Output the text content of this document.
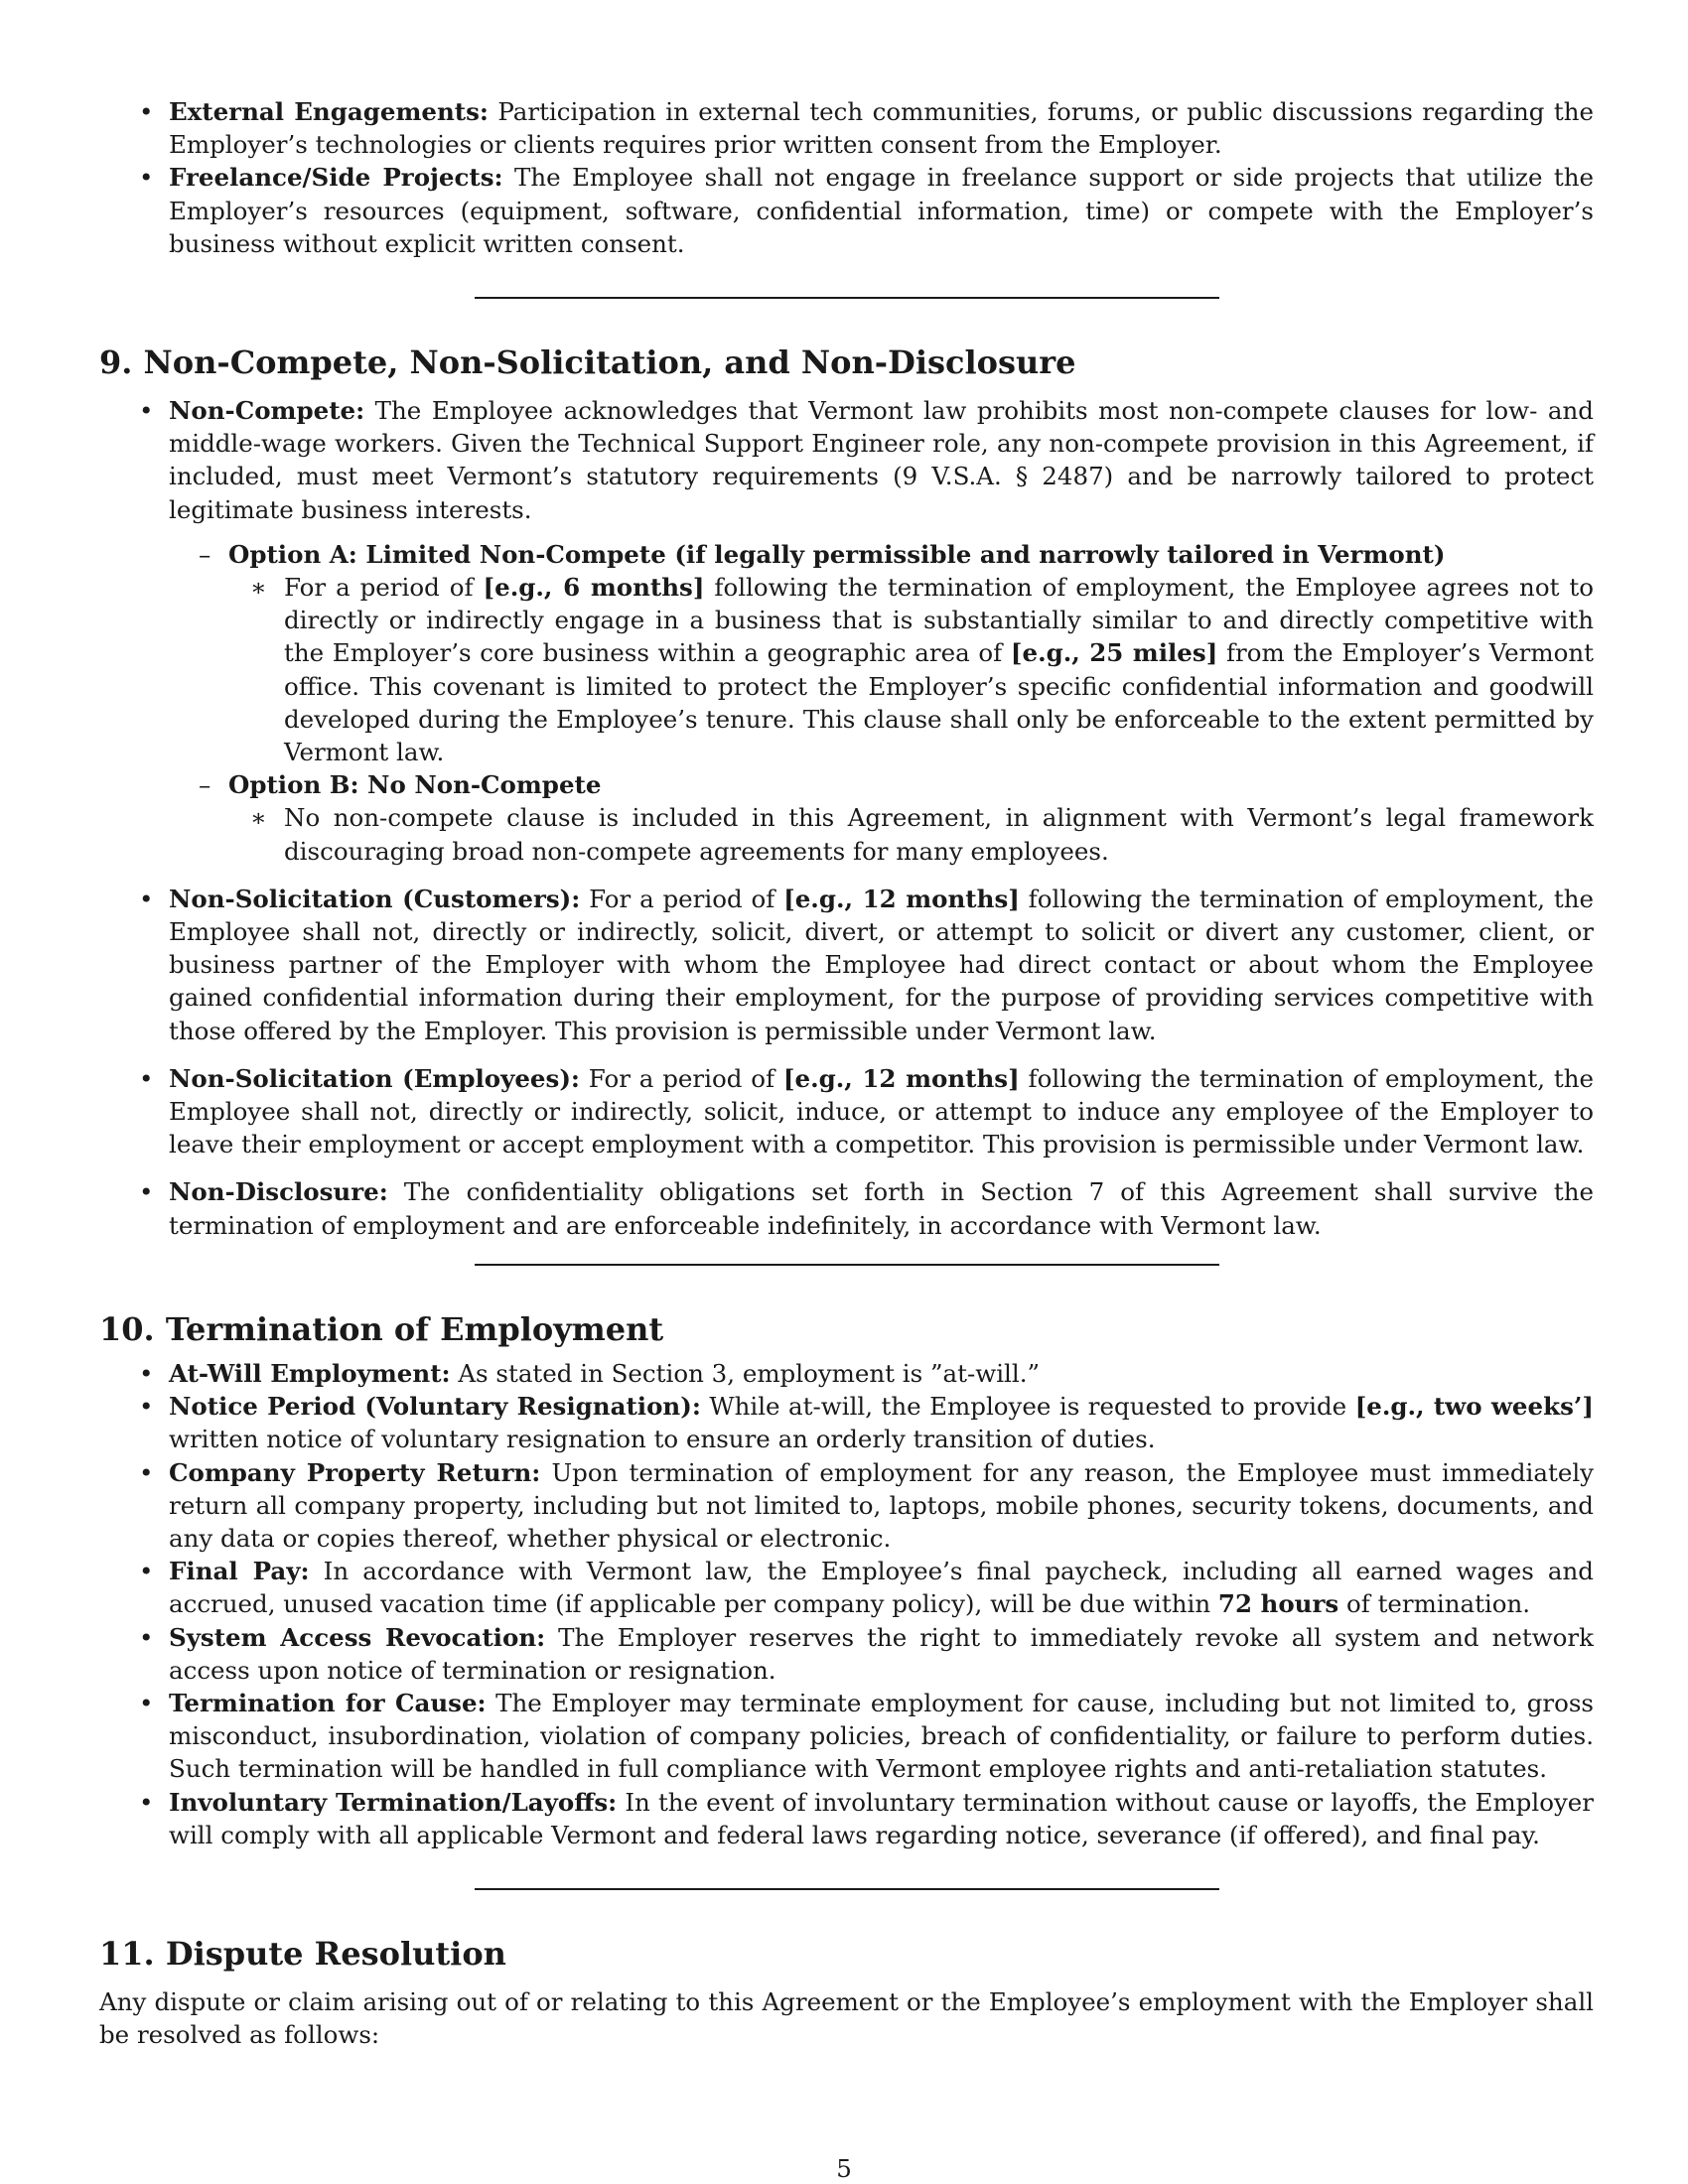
• External Engagements: Participation in external tech communities, forums, or public discussions regarding the Employer’s technologies or clients requires prior written consent from the Employer.
• Freelance/Side Projects: The Employee shall not engage in freelance support or side projects that utilize the Employer’s resources (equipment, software, confidential information, time) or compete with the Employer’s business without explicit written consent.
9. Non-Compete, Non-Solicitation, and Non-Disclosure
• Non-Compete: The Employee acknowledges that Vermont law prohibits most non-compete clauses for low- and middle-wage workers. Given the Technical Support Engineer role, any non-compete provision in this Agreement, if included, must meet Vermont’s statutory requirements (9 V.S.A. § 2487) and be narrowly tailored to protect legitimate business interests.
– Option A: Limited Non-Compete (if legally permissible and narrowly tailored in Vermont)
∗ For a period of [e.g., 6 months] following the termination of employment, the Employee agrees not to directly or indirectly engage in a business that is substantially similar to and directly competitive with the Employer’s core business within a geographic area of [e.g., 25 miles] from the Employer’s Vermont office. This covenant is limited to protect the Employer’s specific confidential information and goodwill developed during the Employee’s tenure. This clause shall only be enforceable to the extent permitted by Vermont law.
– Option B: No Non-Compete
∗ No non-compete clause is included in this Agreement, in alignment with Vermont’s legal framework discouraging broad non-compete agreements for many employees.
• Non-Solicitation (Customers): For a period of [e.g., 12 months] following the termination of employment, the Employee shall not, directly or indirectly, solicit, divert, or attempt to solicit or divert any customer, client, or business partner of the Employer with whom the Employee had direct contact or about whom the Employee gained confidential information during their employment, for the purpose of providing services competitive with those offered by the Employer. This provision is permissible under Vermont law.
• Non-Solicitation (Employees): For a period of [e.g., 12 months] following the termination of employment, the Employee shall not, directly or indirectly, solicit, induce, or attempt to induce any employee of the Employer to leave their employment or accept employment with a competitor. This provision is permissible under Vermont law.
• Non-Disclosure: The confidentiality obligations set forth in Section 7 of this Agreement shall survive the termination of employment and are enforceable indefinitely, in accordance with Vermont law.
10. Termination of Employment
• At-Will Employment: As stated in Section 3, employment is ”at-will.”
• Notice Period (Voluntary Resignation): While at-will, the Employee is requested to provide [e.g., two weeks’] written notice of voluntary resignation to ensure an orderly transition of duties.
• Company Property Return: Upon termination of employment for any reason, the Employee must immediately return all company property, including but not limited to, laptops, mobile phones, security tokens, documents, and any data or copies thereof, whether physical or electronic.
• Final Pay: In accordance with Vermont law, the Employee’s final paycheck, including all earned wages and accrued, unused vacation time (if applicable per company policy), will be due within 72 hours of termination.
• System Access Revocation: The Employer reserves the right to immediately revoke all system and network access upon notice of termination or resignation.
• Termination for Cause: The Employer may terminate employment for cause, including but not limited to, gross misconduct, insubordination, violation of company policies, breach of confidentiality, or failure to perform duties. Such termination will be handled in full compliance with Vermont employee rights and anti-retaliation statutes.
• Involuntary Termination/Layoffs: In the event of involuntary termination without cause or layoffs, the Employer will comply with all applicable Vermont and federal laws regarding notice, severance (if offered), and final pay.
11. Dispute Resolution

Any dispute or claim arising out of or relating to this Agreement or the Employee’s employment with the Employer shall be resolved as follows:

5
